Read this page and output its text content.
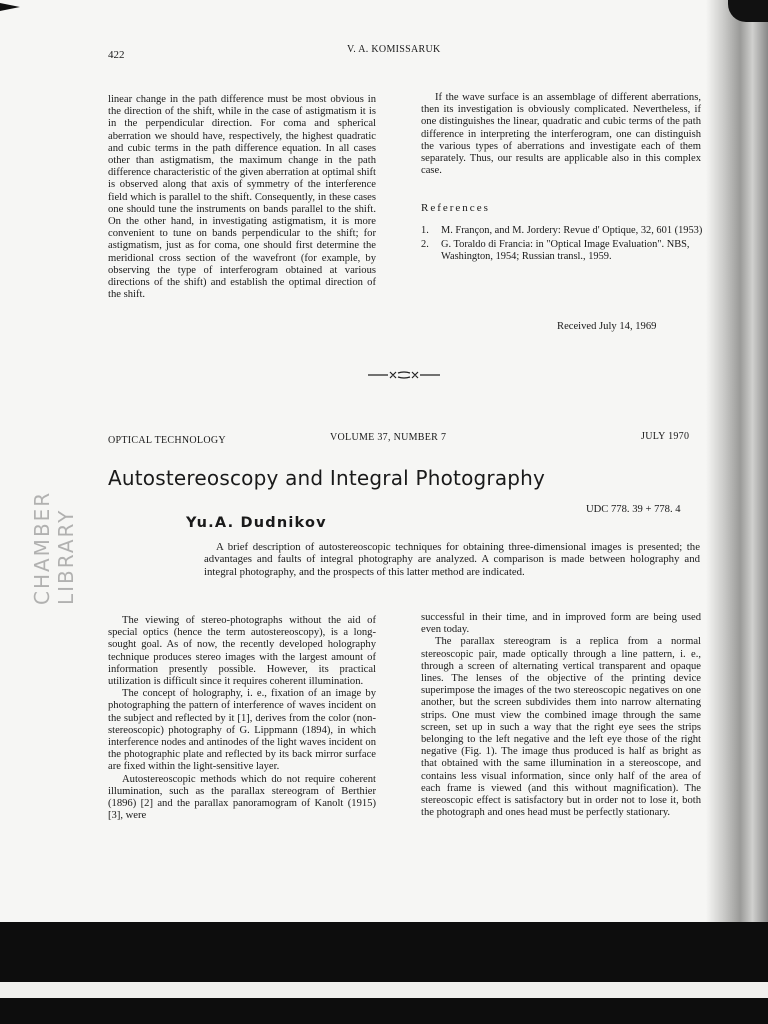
422	V. A. KOMISSARUK

linear change in the path difference must be most obvious in the direction of the shift, while in the case of astigmatism it is in the perpendicular direction. For coma and spherical aberration we should have, respectively, the highest quadratic and cubic terms in the path difference equation. In all cases other than astigmatism, the maximum change in the path difference characteristic of the given aberration at optimal shift is observed along that axis of symmetry of the interference field which is parallel to the shift. Consequently, in these cases one should tune the instruments on bands parallel to the shift. On the other hand, in investigating astigmatism, it is more convenient to tune on bands perpendicular to the shift; for astigmatism, just as for coma, one should first determine the meridional cross section of the wavefront (for example, by observing the type of interferogram obtained at various directions of the shift) and establish the optimal direction of the shift.

If the wave surface is an assemblage of different aberrations, then its investigation is obviously complicated. Nevertheless, if one distinguishes the linear, quadratic and cubic terms of the path difference in interpreting the interferogram, one can distinguish the various types of aberrations and investigate each of them separately. Thus, our results are applicable also in this complex case.

References
1. M. Françon, and M. Jordery: Revue d' Optique, 32, 601 (1953)
2. G. Toraldo di Francia: in "Optical Image Evaluation". NBS, Washington, 1954; Russian transl., 1959.
Received July 14, 1969
CHAMBER LIBRARY
OPTICAL TECHNOLOGY	VOLUME 37, NUMBER 7	JULY 1970
Autostereoscopy and Integral Photography
Yu.A. Dudnikov
UDC 778. 39 + 778. 4
A brief description of autostereoscopic techniques for obtaining three-dimensional images is presented; the advantages and faults of integral photography are analyzed. A comparison is made between holography and integral photography, and the prospects of this latter method are indicated.

The viewing of stereo-photographs without the aid of special optics (hence the term autostereoscopy), is a long-sought goal. As of now, the recently developed holography technique produces stereo images with the largest amount of information presently possible. However, its practical utilization is difficult since it requires coherent illumination.

The concept of holography, i. e., fixation of an image by photographing the pattern of interference of waves incident on the subject and reflected by it [1], derives from the color (non-stereoscopic) photography of G. Lippmann (1894), in which interference nodes and antinodes of the light waves incident on the photographic plate and reflected by its back mirror surface are fixed within the light-sensitive layer.

Autostereoscopic methods which do not require coherent illumination, such as the parallax stereogram of Berthier (1896) [2] and the parallax panoramogram of Kanolt (1915) [3], were

successful in their time, and in improved form are being used even today.

The parallax stereogram is a replica from a normal stereoscopic pair, made optically through a line pattern, i. e., through a screen of alternating vertical transparent and opaque lines. The lenses of the objective of the printing device superimpose the images of the two stereoscopic negatives on one another, but the screen subdivides them into narrow alternating strips. One must view the combined image through the same screen, set up in such a way that the right eye sees the strips belonging to the left negative and the left eye those of the right negative (Fig. 1). The image thus produced is half as bright as that obtained with the same illumination in a stereoscope, and contains less visual information, since only half of the area of each frame is viewed (and this without magnification). The stereoscopic effect is satisfactory but in order not to lose it, both the photograph and ones head must be perfectly stationary.
